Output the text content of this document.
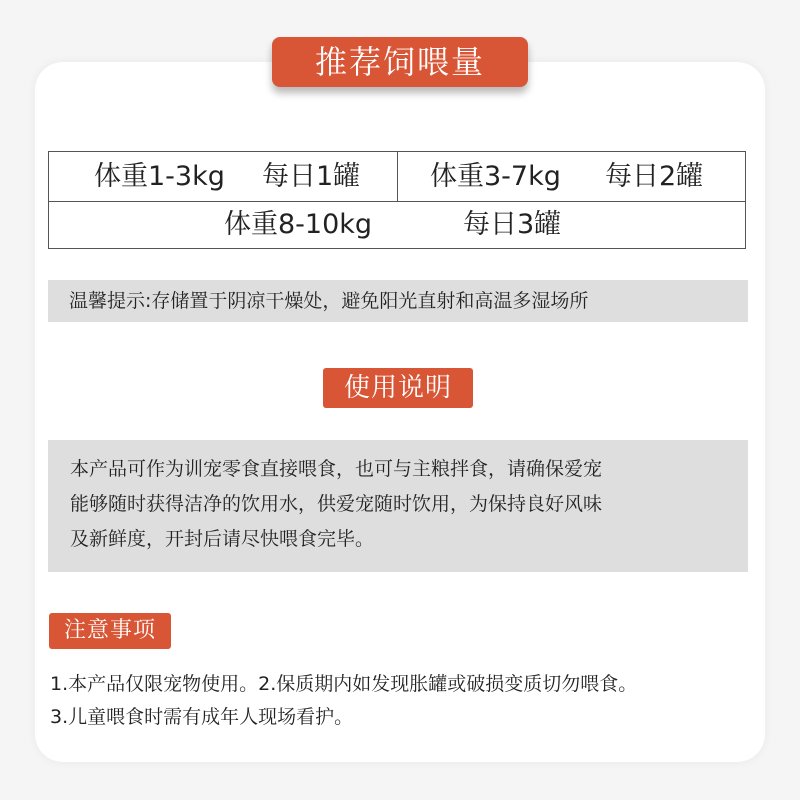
推荐饲喂量
体重1-3kg 每日1罐	体重3-7kg 每日2罐
体重8-10kg	每日3罐
温馨提示:存储置于阴凉干燥处，避免阳光直射和高温多湿场所
使用说明
本产品可作为训宠零食直接喂食，也可与主粮拌食，请确保爱宠
能够随时获得洁净的饮用水，供爱宠随时饮用，为保持良好风味
及新鲜度，开封后请尽快喂食完毕。
注意事项
1.本产品仅限宠物使用。2.保质期内如发现胀罐或破损变质切勿喂食。
3.儿童喂食时需有成年人现场看护。
